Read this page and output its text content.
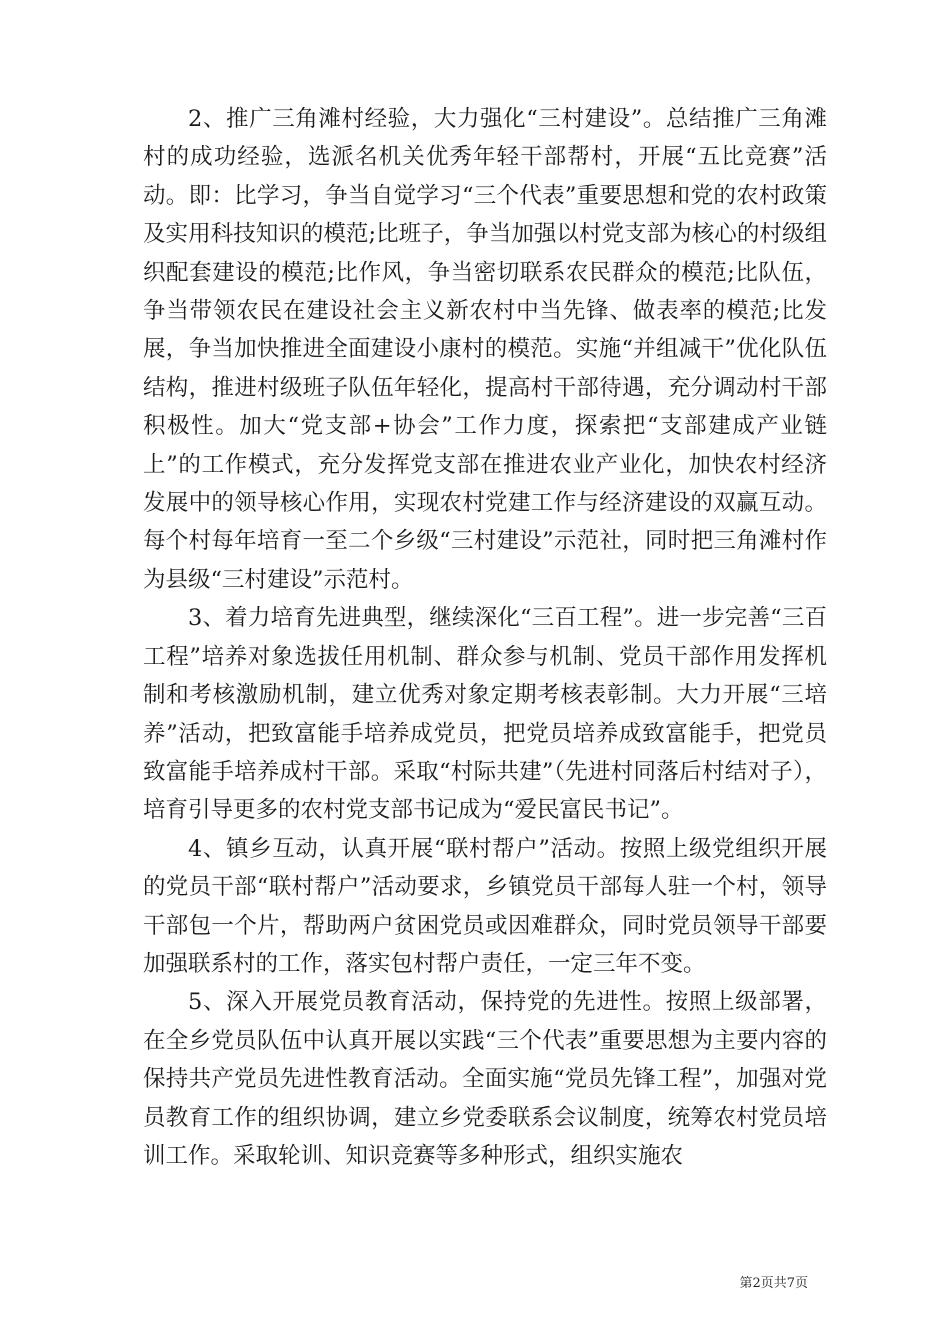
2、推广三角滩村经验，大力强化“三村建设”。总结推广三角滩村的成功经验，选派名机关优秀年轻干部帮村，开展“五比竞赛”活动。即：比学习，争当自觉学习“三个代表”重要思想和党的农村政策及实用科技知识的模范;比班子，争当加强以村党支部为核心的村级组织配套建设的模范;比作风，争当密切联系农民群众的模范;比队伍，争当带领农民在建设社会主义新农村中当先锋、做表率的模范;比发展，争当加快推进全面建设小康村的模范。实施“并组减干”优化队伍结构，推进村级班子队伍年轻化，提高村干部待遇，充分调动村干部积极性。加大“党支部+协会”工作力度，探索把“支部建成产业链上”的工作模式，充分发挥党支部在推进农业产业化，加快农村经济发展中的领导核心作用，实现农村党建工作与经济建设的双赢互动。每个村每年培育一至二个乡级“三村建设”示范社，同时把三角滩村作为县级“三村建设”示范村。

3、着力培育先进典型，继续深化“三百工程”。进一步完善“三百工程”培养对象选拔任用机制、群众参与机制、党员干部作用发挥机制和考核激励机制，建立优秀对象定期考核表彰制。大力开展“三培养”活动，把致富能手培养成党员，把党员培养成致富能手，把党员致富能手培养成村干部。采取“村际共建”（先进村同落后村结对子），培育引导更多的农村党支部书记成为“爱民富民书记”。

4、镇乡互动，认真开展“联村帮户”活动。按照上级党组织开展的党员干部“联村帮户”活动要求，乡镇党员干部每人驻一个村，领导干部包一个片，帮助两户贫困党员或因难群众，同时党员领导干部要加强联系村的工作，落实包村帮户责任，一定三年不变。

5、深入开展党员教育活动，保持党的先进性。按照上级部署，在全乡党员队伍中认真开展以实践“三个代表”重要思想为主要内容的保持共产党员先进性教育活动。全面实施“党员先锋工程”，加强对党员教育工作的组织协调，建立乡党委联系会议制度，统筹农村党员培训工作。采取轮训、知识竞赛等多种形式，组织实施农

第2页共7页
